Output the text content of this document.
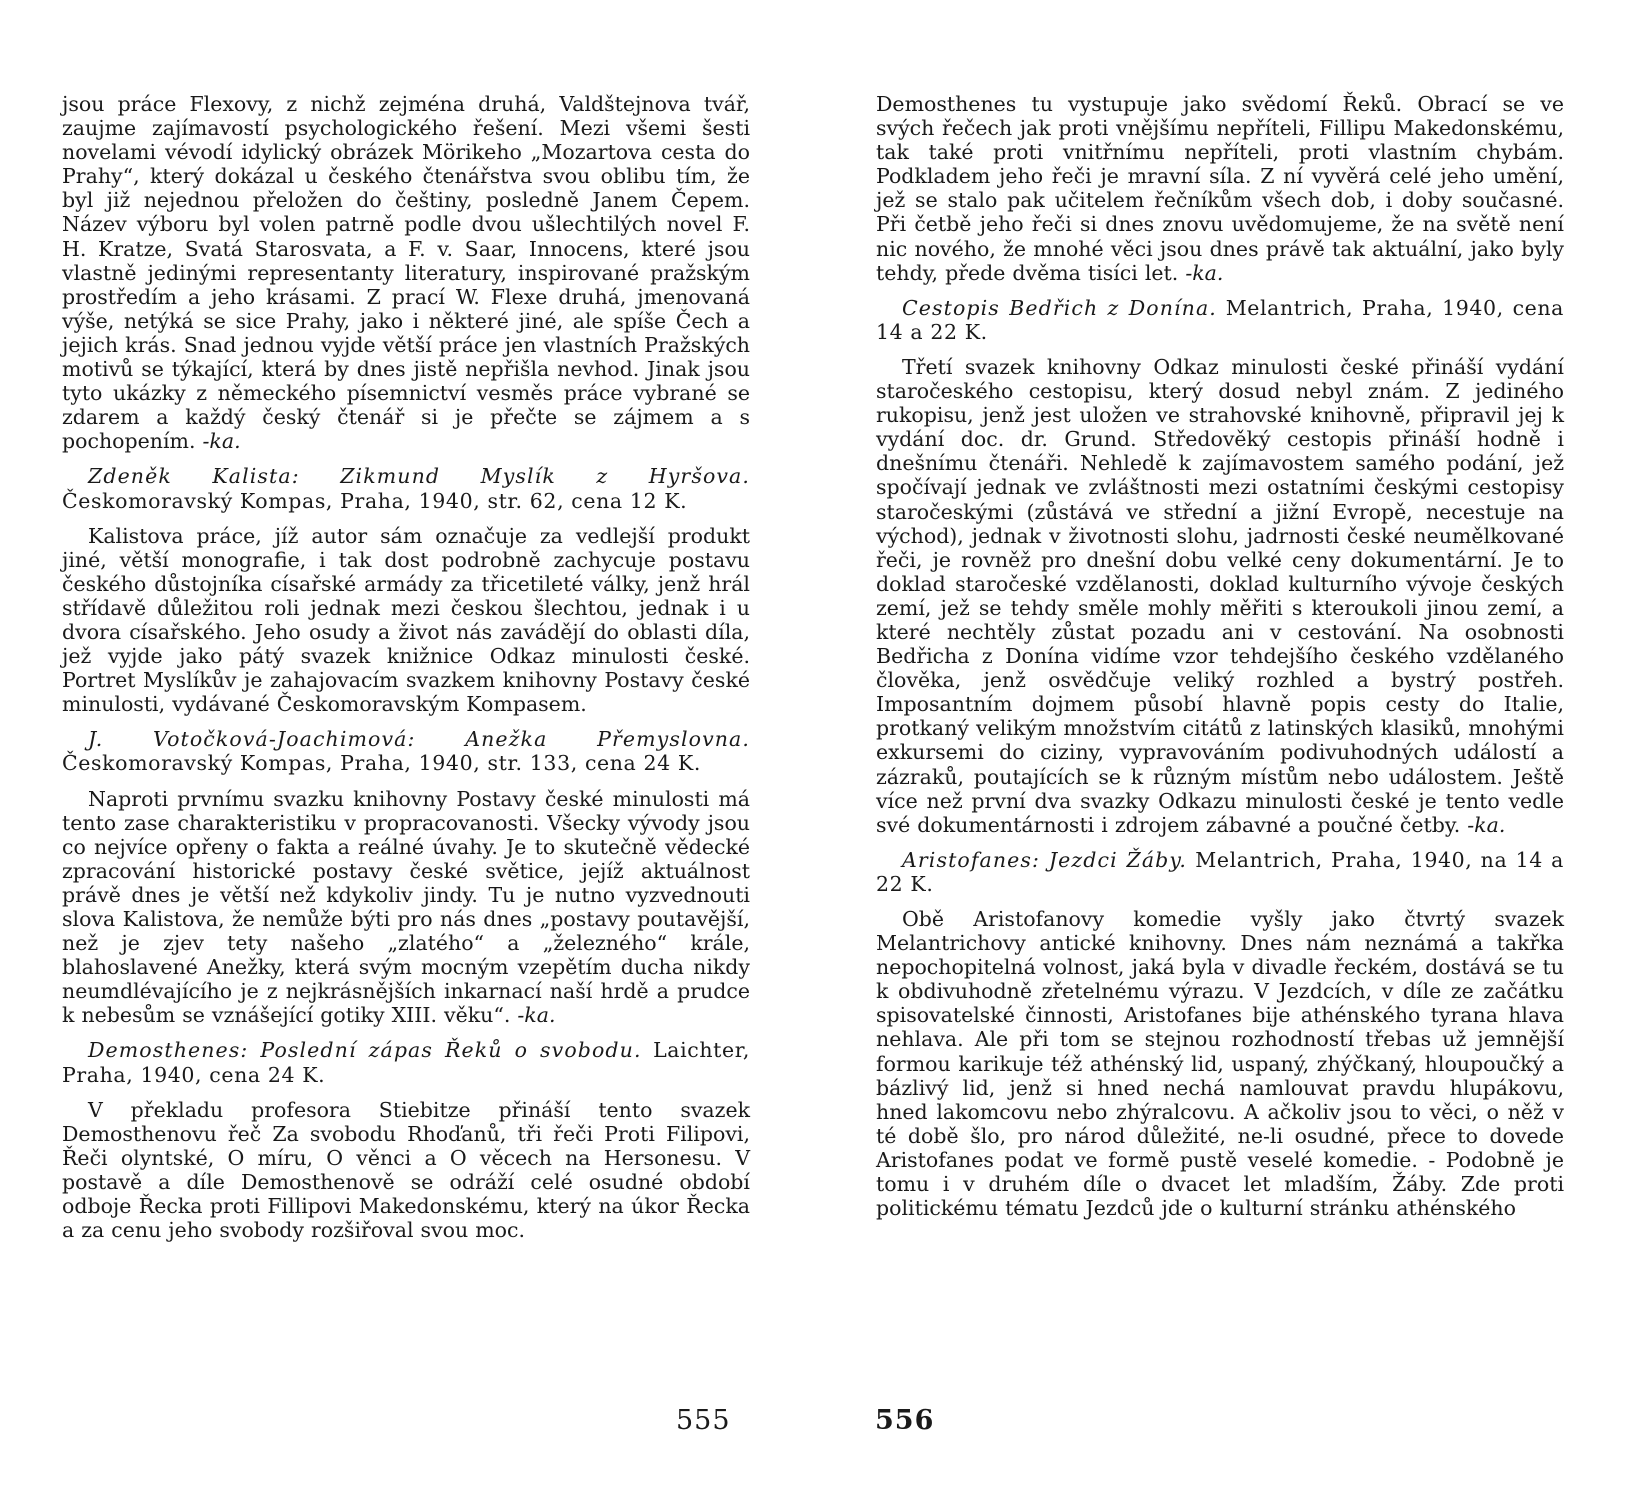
jsou práce Flexovy, z nichž zejména druhá, Valdštejnova tvář, zaujme zajímavostí psychologického řešení. Mezi všemi šesti novelami vévodí idylický obrázek Mörikeho „Mozartova cesta do Prahy“, který dokázal u českého čtenářstva svou oblibu tím, že byl již nejednou přeložen do češtiny, posledně Janem Čepem. Název výboru byl volen patrně podle dvou ušlechtilých novel F. H. Kratze, Svatá Starosvata, a F. v. Saar, Innocens, které jsou vlastně jedinými representanty literatury, inspirované pražským prostředím a jeho krásami. Z prací W. Flexe druhá, jmenovaná výše, netýká se sice Prahy, jako i některé jiné, ale spíše Čech a jejich krás. Snad jednou vyjde větší práce jen vlastních Pražských motivů se týkající, která by dnes jistě nepřišla nevhod. Jinak jsou tyto ukázky z německého písemnictví vesměs práce vybrané se zdarem a každý český čtenář si je přečte se zájmem a s pochopením. -ka.

Zdeněk Kalista: Zikmund Myslík z Hyršova. Českomoravský Kompas, Praha, 1940, str. 62, cena 12 K.

Kalistova práce, jíž autor sám označuje za vedlejší produkt jiné, větší monografie, i tak dost podrobně zachycuje postavu českého důstojníka císařské armády za třicetileté války, jenž hrál střídavě důležitou roli jednak mezi českou šlechtou, jednak i u dvora císařského. Jeho osudy a život nás zavádějí do oblasti díla, jež vyjde jako pátý svazek knižnice Odkaz minulosti české. Portret Myslíkův je zahajovacím svazkem knihovny Postavy české minulosti, vydávané Českomoravským Kompasem.

J. Votočková-Joachimová: Anežka Přemyslovna. Českomoravský Kompas, Praha, 1940, str. 133, cena 24 K.

Naproti prvnímu svazku knihovny Postavy české minulosti má tento zase charakteristiku v propracovanosti. Všecky vývody jsou co nejvíce opřeny o fakta a reálné úvahy. Je to skutečně vědecké zpracování historické postavy české světice, jejíž aktuálnost právě dnes je větší než kdykoliv jindy. Tu je nutno vyzvednouti slova Kalistova, že nemůže býti pro nás dnes „postavy poutavější, než je zjev tety našeho „zlatého“ a „železného“ krále, blahoslavené Anežky, která svým mocným vzepětím ducha nikdy neumdlévajícího je z nejkrásnějších inkarnací naší hrdě a prudce k nebesům se vznášející gotiky XIII. věku“. -ka.

Demosthenes: Poslední zápas Řeků o svobodu. Laichter, Praha, 1940, cena 24 K.

V překladu profesora Stiebitze přináší tento svazek Demosthenovu řeč Za svobodu Rhoďanů, tři řeči Proti Filipovi, Řeči olyntské, O míru, O věnci a O věcech na Hersonesu. V postavě a díle Demosthenově se odráží celé osudné období odboje Řecka proti Fillipovi Makedonskému, který na úkor Řecka a za cenu jeho svobody rozšiřoval svou moc.

555

Demosthenes tu vystupuje jako svědomí Řeků. Obrací se ve svých řečech jak proti vnějšímu nepříteli, Fillipu Makedonskému, tak také proti vnitřnímu nepříteli, proti vlastním chybám. Podkladem jeho řeči je mravní síla. Z ní vyvěrá celé jeho umění, jež se stalo pak učitelem řečníkům všech dob, i doby současné. Při četbě jeho řeči si dnes znovu uvědomujeme, že na světě není nic nového, že mnohé věci jsou dnes právě tak aktuální, jako byly tehdy, přede dvěma tisíci let. -ka.

Cestopis Bedřich z Donína. Melantrich, Praha, 1940, cena 14 a 22 K.

Třetí svazek knihovny Odkaz minulosti české přináší vydání staročeského cestopisu, který dosud nebyl znám. Z jediného rukopisu, jenž jest uložen ve strahovské knihovně, připravil jej k vydání doc. dr. Grund. Středověký cestopis přináší hodně i dnešnímu čtenáři. Nehledě k zajímavostem samého podání, jež spočívají jednak ve zvláštnosti mezi ostatními českými cestopisy staročeskými (zůstává ve střední a jižní Evropě, necestuje na východ), jednak v životnosti slohu, jadrnosti české neumělkované řeči, je rovněž pro dnešní dobu velké ceny dokumentární. Je to doklad staročeské vzdělanosti, doklad kulturního vývoje českých zemí, jež se tehdy směle mohly měřiti s kteroukoli jinou zemí, a které nechtěly zůstat pozadu ani v cestování. Na osobnosti Bedřicha z Donína vidíme vzor tehdejšího českého vzdělaného člověka, jenž osvědčuje veliký rozhled a bystrý postřeh. Imposantním dojmem působí hlavně popis cesty do Italie, protkaný velikým množstvím citátů z latinských klasiků, mnohými exkursemi do ciziny, vypravováním podivuhodných událostí a zázraků, poutajících se k různým místům nebo událostem. Ještě více než první dva svazky Odkazu minulosti české je tento vedle své dokumentárnosti i zdrojem zábavné a poučné četby. -ka.

Aristofanes: Jezdci Žáby. Melantrich, Praha, 1940, na 14 a 22 K.

Obě Aristofanovy komedie vyšly jako čtvrtý svazek Melantrichovy antické knihovny. Dnes nám neznámá a takřka nepochopitelná volnost, jaká byla v divadle řeckém, dostává se tu k obdivuhodně zřetelnému výrazu. V Jezdcích, v díle ze začátku spisovatelské činnosti, Aristofanes bije athénského tyrana hlava nehlava. Ale při tom se stejnou rozhodností třebas už jemnější formou karikuje též athénský lid, uspaný, zhýčkaný, hloupoučký a bázlivý lid, jenž si hned nechá namlouvat pravdu hlupákovu, hned lakomcovu nebo zhýralcovu. A ačkoliv jsou to věci, o něž v té době šlo, pro národ důležité, ne-li osudné, přece to dovede Aristofanes podat ve formě pustě veselé komedie. - Podobně je tomu i v druhém díle o dvacet let mladším, Žáby. Zde proti politickému tématu Jezdců jde o kulturní stránku athénského

556
